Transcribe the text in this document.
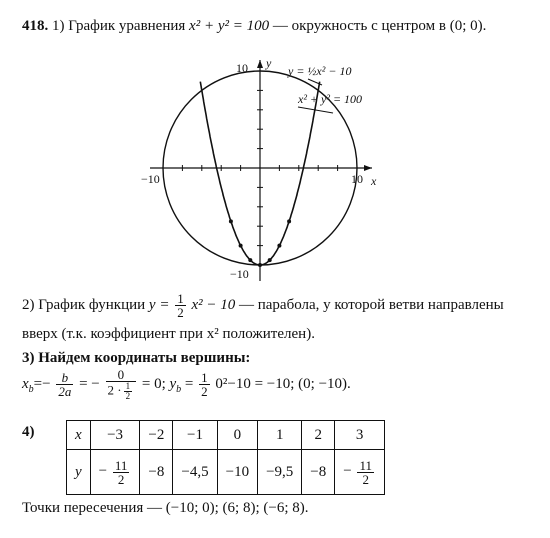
418. 1) График уравнения x² + y² = 100 — окружность с центром в (0; 0).
−10	10 x
y
10
−10
y = ½x² − 10
x² + y² = 100
2) График функции $y = \frac{1}{2} x^2 - 10$ — парабола, у которой ветви направлены
вверх (т.к. коэффициент при x² положителен).
3) Найдем координаты вершины:
$x_b=- \frac{b}{2a}$ = − $\frac{0}{2 \cdot \frac{1}{2}} = 0$; $y_b = \frac{1}{2} 0^2-10 = -10$; (0; −10).
4)	x	−3	−2	−1	0	1	2	3
y	− $\frac{11}{2}$	−8	−4,5	−10	−9,5	−8	− $\frac{11}{2}$
Точки пересечения — (−10; 0); (6; 8); (−6; 8).
